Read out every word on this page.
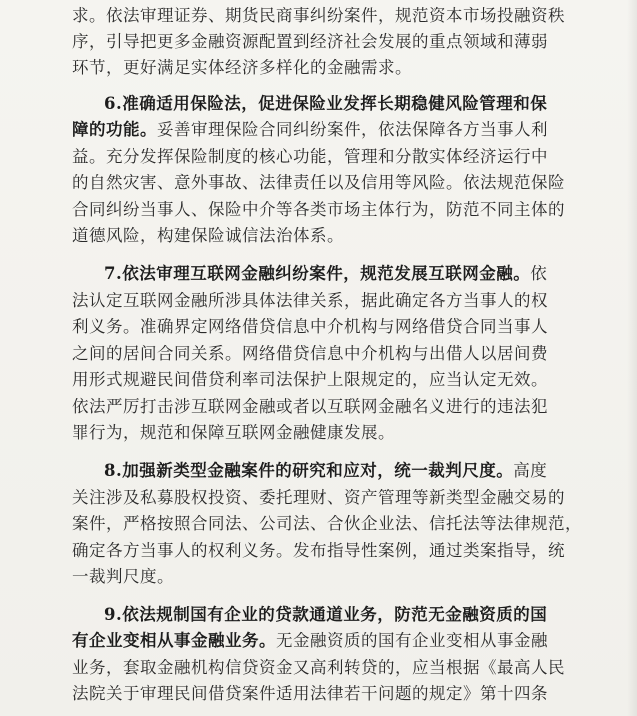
求。依法审理证券、期货民商事纠纷案件，规范资本市场投融资秩
序，引导把更多金融资源配置到经济社会发展的重点领域和薄弱
环节，更好满足实体经济多样化的金融需求。
6.准确适用保险法，促进保险业发挥长期稳健风险管理和保
障的功能。妥善审理保险合同纠纷案件，依法保障各方当事人利
益。充分发挥保险制度的核心功能，管理和分散实体经济运行中
的自然灾害、意外事故、法律责任以及信用等风险。依法规范保险
合同纠纷当事人、保险中介等各类市场主体行为，防范不同主体的
道德风险，构建保险诚信法治体系。
7.依法审理互联网金融纠纷案件，规范发展互联网金融。依
法认定互联网金融所涉具体法律关系，据此确定各方当事人的权
利义务。准确界定网络借贷信息中介机构与网络借贷合同当事人
之间的居间合同关系。网络借贷信息中介机构与出借人以居间费
用形式规避民间借贷利率司法保护上限规定的，应当认定无效。
依法严厉打击涉互联网金融或者以互联网金融名义进行的违法犯
罪行为，规范和保障互联网金融健康发展。
8.加强新类型金融案件的研究和应对，统一裁判尺度。高度
关注涉及私募股权投资、委托理财、资产管理等新类型金融交易的
案件，严格按照合同法、公司法、合伙企业法、信托法等法律规范，
确定各方当事人的权利义务。发布指导性案例，通过类案指导，统
一裁判尺度。
9.依法规制国有企业的贷款通道业务，防范无金融资质的国
有企业变相从事金融业务。无金融资质的国有企业变相从事金融
业务，套取金融机构信贷资金又高利转贷的，应当根据《最高人民
法院关于审理民间借贷案件适用法律若干问题的规定》第十四条
